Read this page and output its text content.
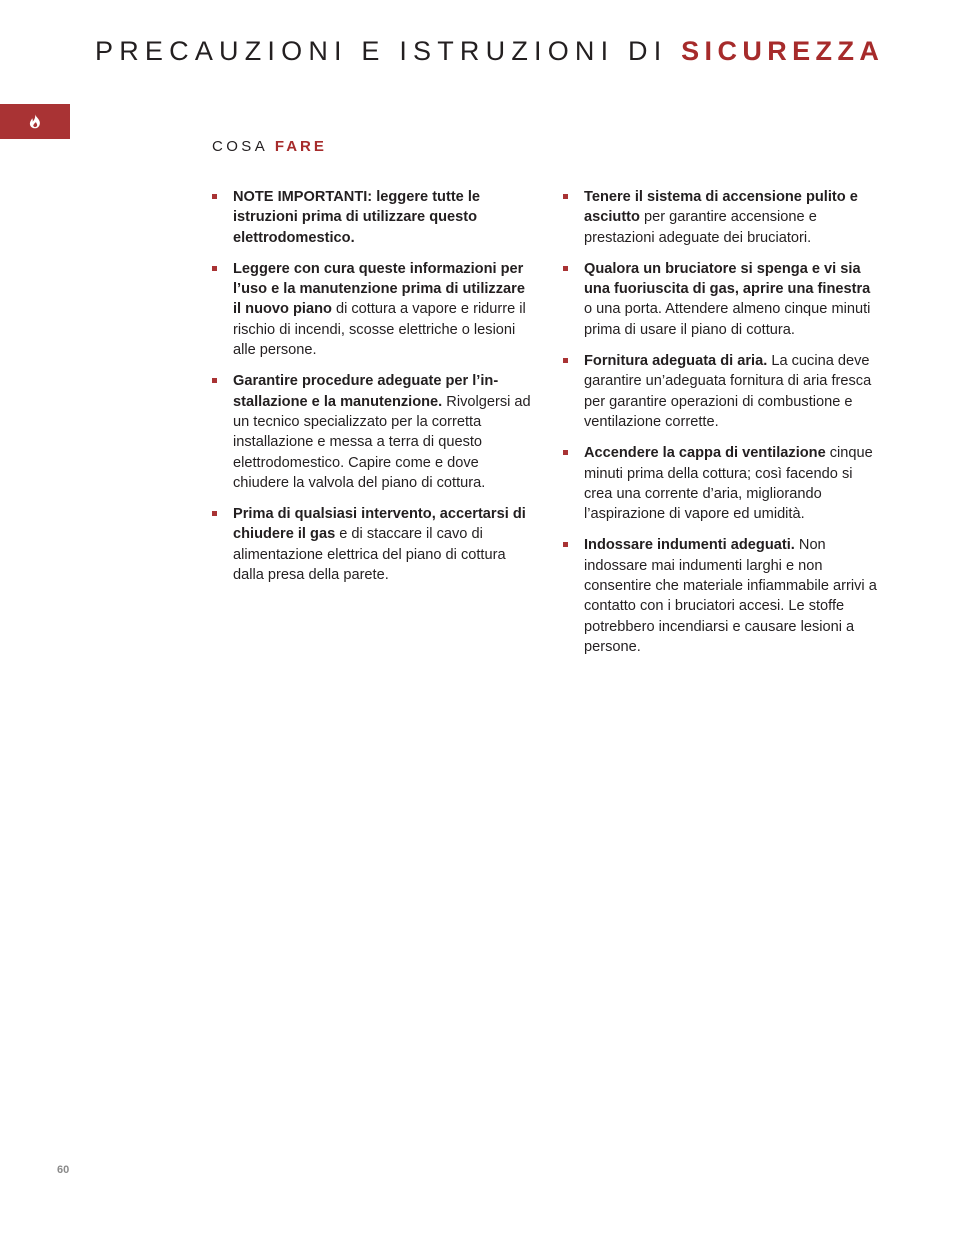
PRECAUZIONI E ISTRUZIONI DI SICUREZZA
COSA FARE
NOTE IMPORTANTI: leggere tutte le istruzioni prima di utilizzare questo elettrodomestico.
Leggere con cura queste informazioni per l’uso e la manutenzione prima di utilizzare il nuovo piano di cottura a vapore e ridurre il rischio di incendi, scosse elettriche o lesioni alle persone.
Garantire procedure adeguate per l’installazione e la manutenzione. Rivolgersi ad un tecnico specializzato per la corretta installazione e messa a terra di questo elettrodomestico. Capire come e dove chiudere la valvola del piano di cottura.
Prima di qualsiasi intervento, accertarsi di chiudere il gas e di staccare il cavo di alimentazione elettrica del piano di cottura dalla presa della parete.
Tenere il sistema di accensione pulito e asciutto per garantire accensione e prestazioni adeguate dei bruciatori.
Qualora un bruciatore si spenga e vi sia una fuoriuscita di gas, aprire una finestra o una porta. Attendere almeno cinque minuti prima di usare il piano di cottura.
Fornitura adeguata di aria. La cucina deve garantire un’adeguata fornitura di aria fresca per garantire operazioni di combustione e ventilazione corrette.
Accendere la cappa di ventilazione cinque minuti prima della cottura; così facendo si crea una corrente d’aria, migliorando l’aspirazione di vapore ed umidità.
Indossare indumenti adeguati. Non indossare mai indumenti larghi e non consentire che materiale infiammabile arrivi a contatto con i bruciatori accesi. Le stoffe potrebbero incendiarsi e causare lesioni a persone.
60
